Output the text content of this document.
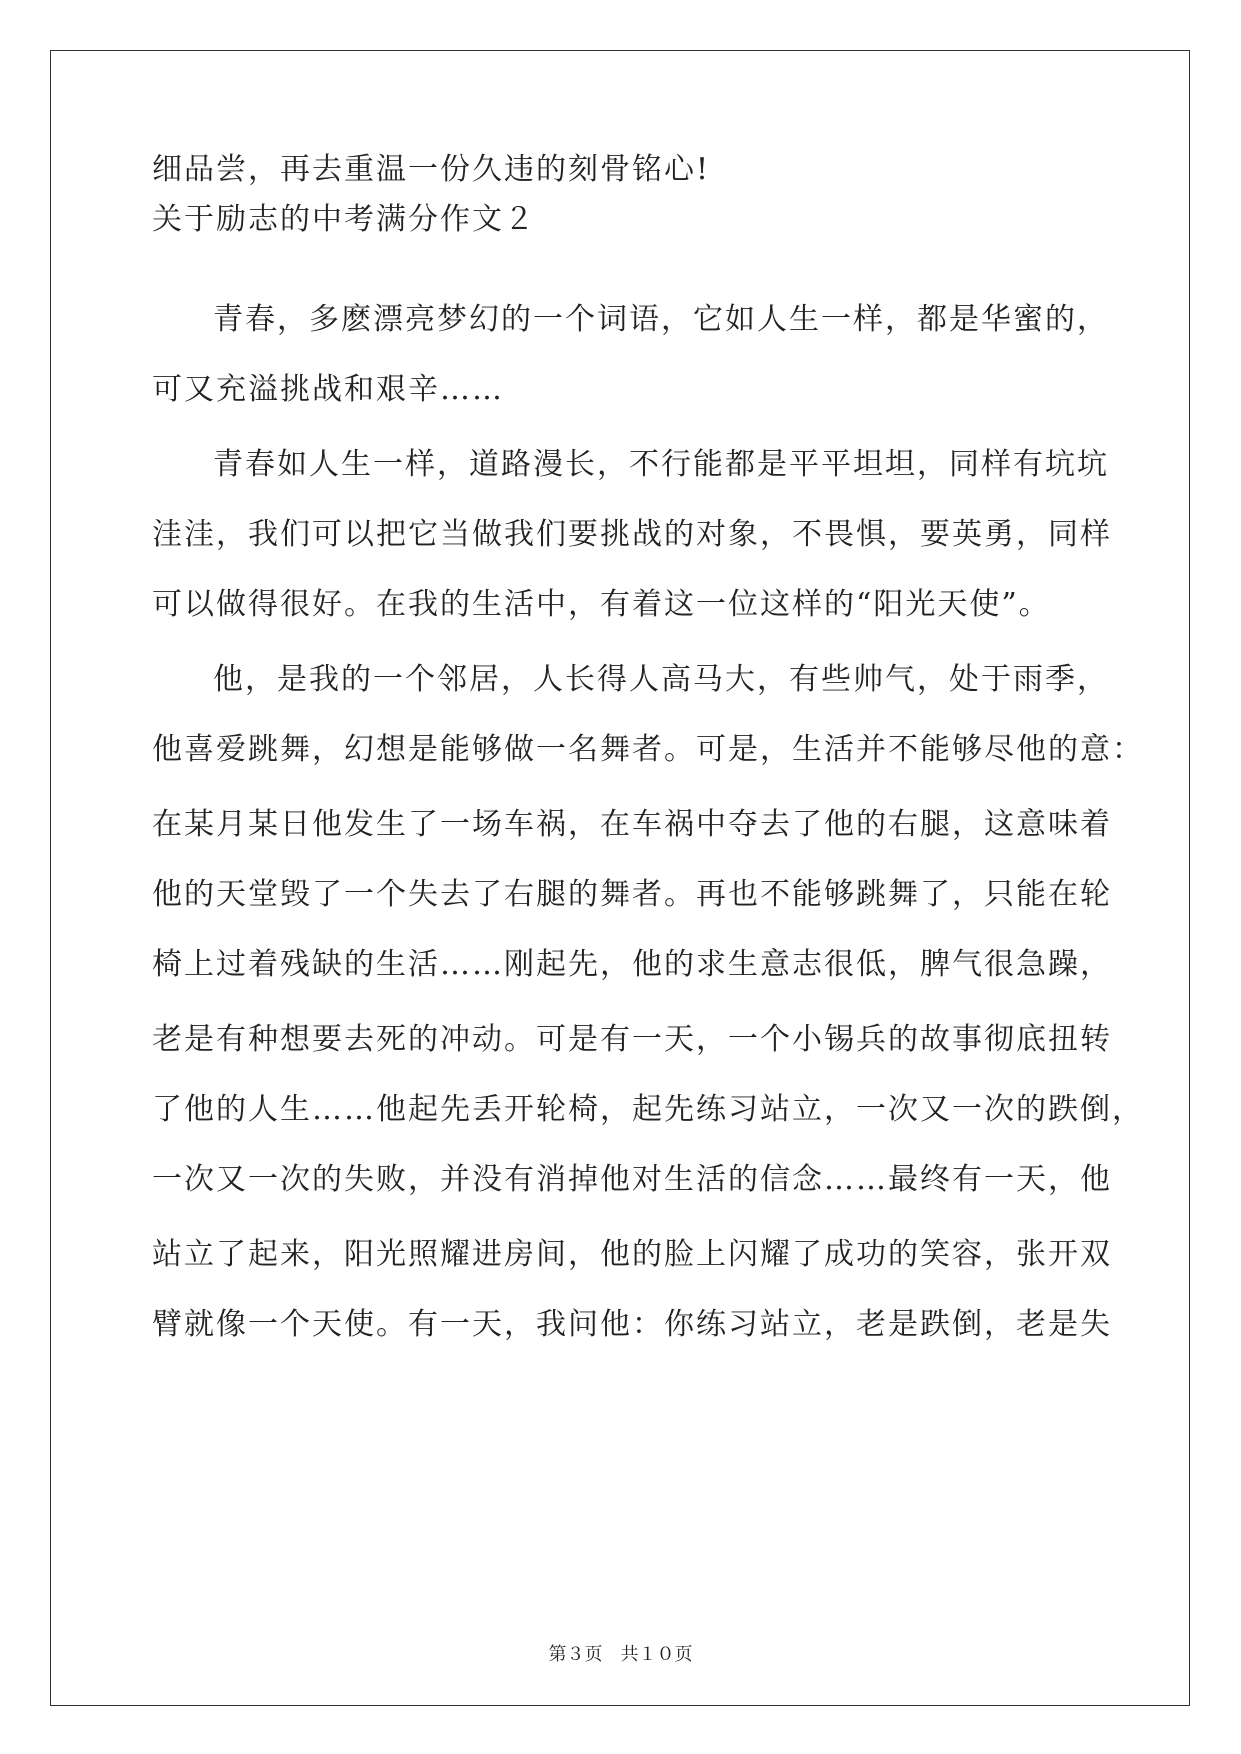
细品尝，再去重温一份久违的刻骨铭心!
关于励志的中考满分作文２
青春，多麽漂亮梦幻的一个词语，它如人生一样，都是华蜜的，
可又充溢挑战和艰辛……
青春如人生一样，道路漫长，不行能都是平平坦坦，同样有坑坑
洼洼，我们可以把它当做我们要挑战的对象，不畏惧，要英勇，同样
可以做得很好。在我的生活中，有着这一位这样的“阳光天使”。
他，是我的一个邻居，人长得人高马大，有些帅气，处于雨季，
他喜爱跳舞，幻想是能够做一名舞者。可是，生活并不能够尽他的意：
在某月某日他发生了一场车祸，在车祸中夺去了他的右腿，这意味着
他的天堂毁了一个失去了右腿的舞者。再也不能够跳舞了，只能在轮
椅上过着残缺的生活……刚起先，他的求生意志很低，脾气很急躁，
老是有种想要去死的冲动。可是有一天，一个小锡兵的故事彻底扭转
了他的人生……他起先丢开轮椅，起先练习站立，一次又一次的跌倒，
一次又一次的失败，并没有消掉他对生活的信念……最终有一天，他
站立了起来，阳光照耀进房间，他的脸上闪耀了成功的笑容，张开双
臂就像一个天使。有一天，我问他：你练习站立，老是跌倒，老是失
第３页　共１０页
